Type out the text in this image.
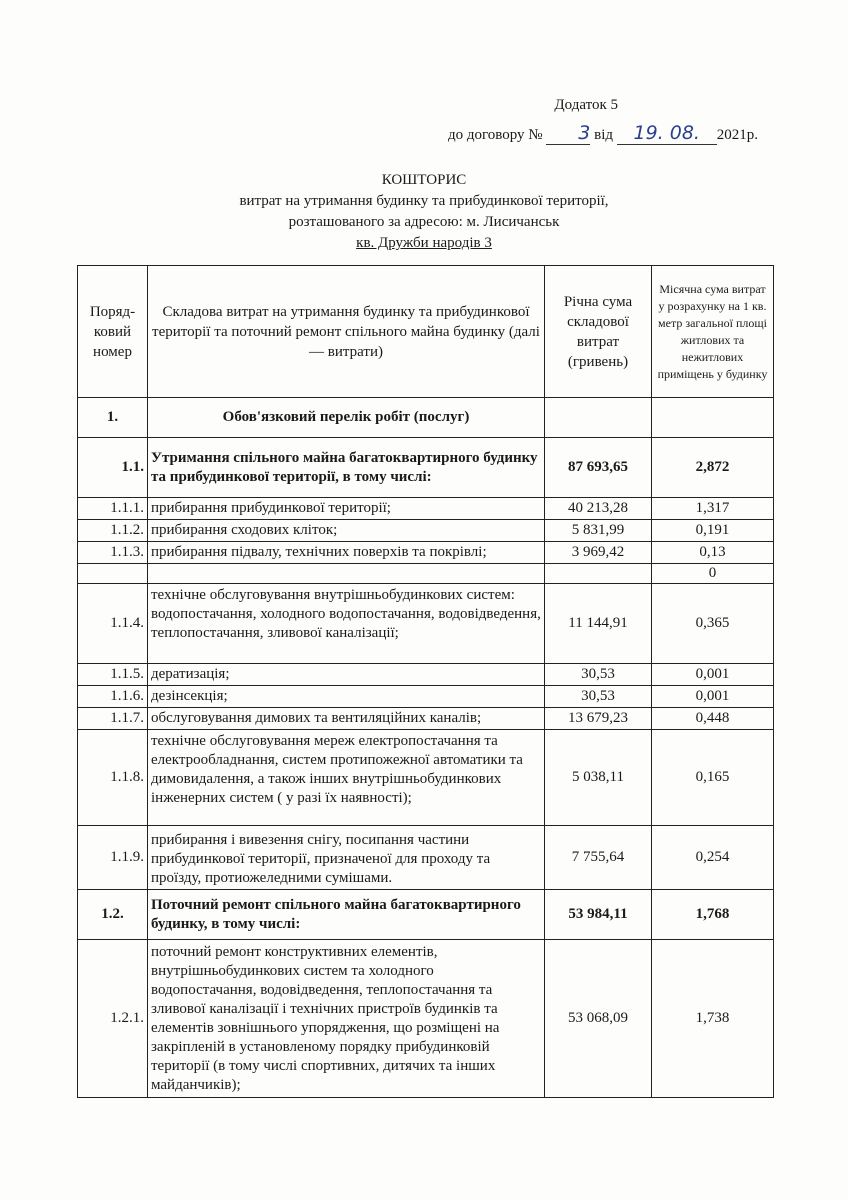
Додаток 5
до договору № 3 від 19. 08. 2021р.
КОШТОРИС
витрат на утримання будинку та прибудинкової території,
розташованого за адресою: м. Лисичанськ
кв. Дружби народів 3
Поряд-
ковий
номер	Складова витрат на утримання будинку та прибудинкової території та поточний ремонт спільного майна будинку (далі — витрати)	Річна сума складової витрат (гривень)	Місячна сума витрат у розрахунку на 1 кв. метр загальної площі житлових та нежитлових приміщень у будинку
1.	Обов'язковий перелік робіт (послуг)		
1.1.	Утримання спільного майна багатоквартирного будинку та прибудинкової території, в тому числі:	87 693,65	2,872
1.1.1.	прибирання прибудинкової території;	40 213,28	1,317
1.1.2.	прибирання сходових кліток;	5 831,99	0,191
1.1.3.	прибирання підвалу, технічних поверхів та покрівлі;	3 969,42	0,13
			0
1.1.4.	технічне обслуговування внутрішньобудинкових систем: водопостачання, холодного водопостачання, водовідведення, теплопостачання, зливової каналізації;	11 144,91	0,365
1.1.5.	дератизація;	30,53	0,001
1.1.6.	дезінсекція;	30,53	0,001
1.1.7.	обслуговування димових та вентиляційних каналів;	13 679,23	0,448
1.1.8.	технічне обслуговування мереж електропостачання та електрообладнання, систем протипожежної автоматики та димовидалення, а також інших внутрішньобудинкових інженерних систем ( у разі їх наявності);	5 038,11	0,165
1.1.9.	прибирання і вивезення снігу, посипання частини прибудинкової території, призначеної для проходу та проїзду, протиожеледними сумішами.	7 755,64	0,254
1.2.	Поточний ремонт спільного майна багатоквартирного будинку, в тому числі:	53 984,11	1,768
1.2.1.	поточний ремонт конструктивних елементів, внутрішньобудинкових систем та холодного водопостачання, водовідведення, теплопостачання та зливової каналізації і технічних пристроїв будинків та елементів зовнішнього упорядження, що розміщені на закріпленій в установленому порядку прибудинковій території (в тому числі спортивних, дитячих та інших майданчиків);	53 068,09	1,738
